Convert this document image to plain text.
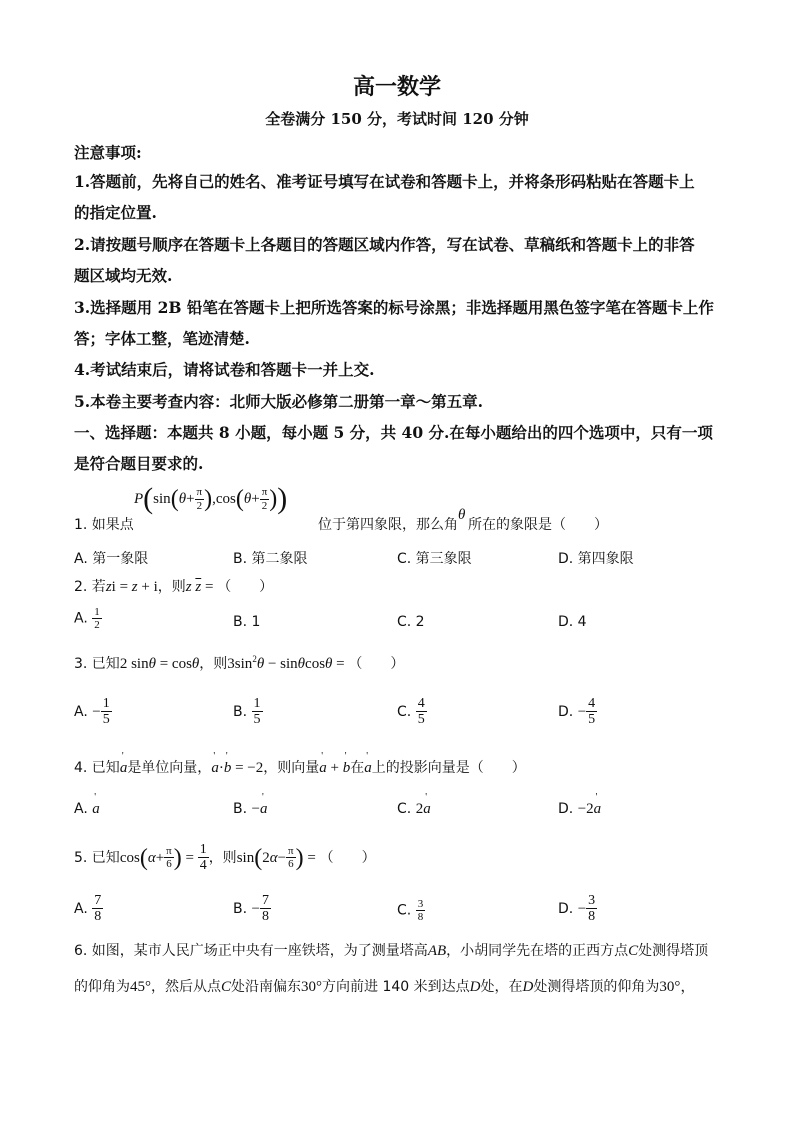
高一数学
全卷满分 150 分，考试时间 120 分钟
注意事项:
1.答题前，先将自己的姓名、准考证号填写在试卷和答题卡上，并将条形码粘贴在答题卡上
的指定位置.
2.请按题号顺序在答题卡上各题目的答题区域内作答，写在试卷、草稿纸和答题卡上的非答
题区域均无效.
3.选择题用 2B 铅笔在答题卡上把所选答案的标号涂黑；非选择题用黑色签字笔在答题卡上作
答；字体工整，笔迹清楚.
4.考试结束后，请将试卷和答题卡一并上交.
5.本卷主要考查内容：北师大版必修第二册第一章～第五章.
一、选择题：本题共 8 小题，每小题 5 分，共 40 分.在每小题给出的四个选项中，只有一项
是符合题目要求的.
1. 如果点
$P(\sin(\theta+ \frac{\pi}{2} ),\cos(\theta+ \frac{\pi}{2}$ ))
位于第四象限，那么角
θ
所在的象限是（　　）
A. 第一象限	B. 第二象限	C. 第三象限	D. 第四象限
2. 若zi = z + i，则z $\overline{z}$ = （　　）
A. $\frac{1}{2}$	B. 1	C. 2	D. 4
3. 已知2 sinθ = cosθ，则$3\sin^2\theta - \sin\theta\cos\theta$ = （　　）
A. − $\frac{1}{5}$	B. $\frac{1}{5}$	C. $\frac{4}{5}$	D. − $\frac{4}{5}$
4. 已知' a是单位向量，' a·' b = −2，则向量' a + ' b在' a上的投影向量是（　　）
A. ' a	B. −' a	C. 2' a	D. −2' a
5. 已知$\cos(\alpha+ \frac{\pi}{6}$ ) = $\frac{1}{4}$ ，则$\sin(2\alpha- \frac{\pi}{6}$ ) = （　　）
A. $\frac{7}{8}$	B. − $\frac{7}{8}$	C. $\frac{3}{8}$	D. − $\frac{3}{8}$
6. 如图，某市人民广场正中央有一座铁塔，为了测量塔高AB，小胡同学先在塔的正西方点C处测得塔顶
的仰角为45°，然后从点C处沿南偏东30°方向前进 140 米到达点D处，在D处测得塔顶的仰角为30°，
